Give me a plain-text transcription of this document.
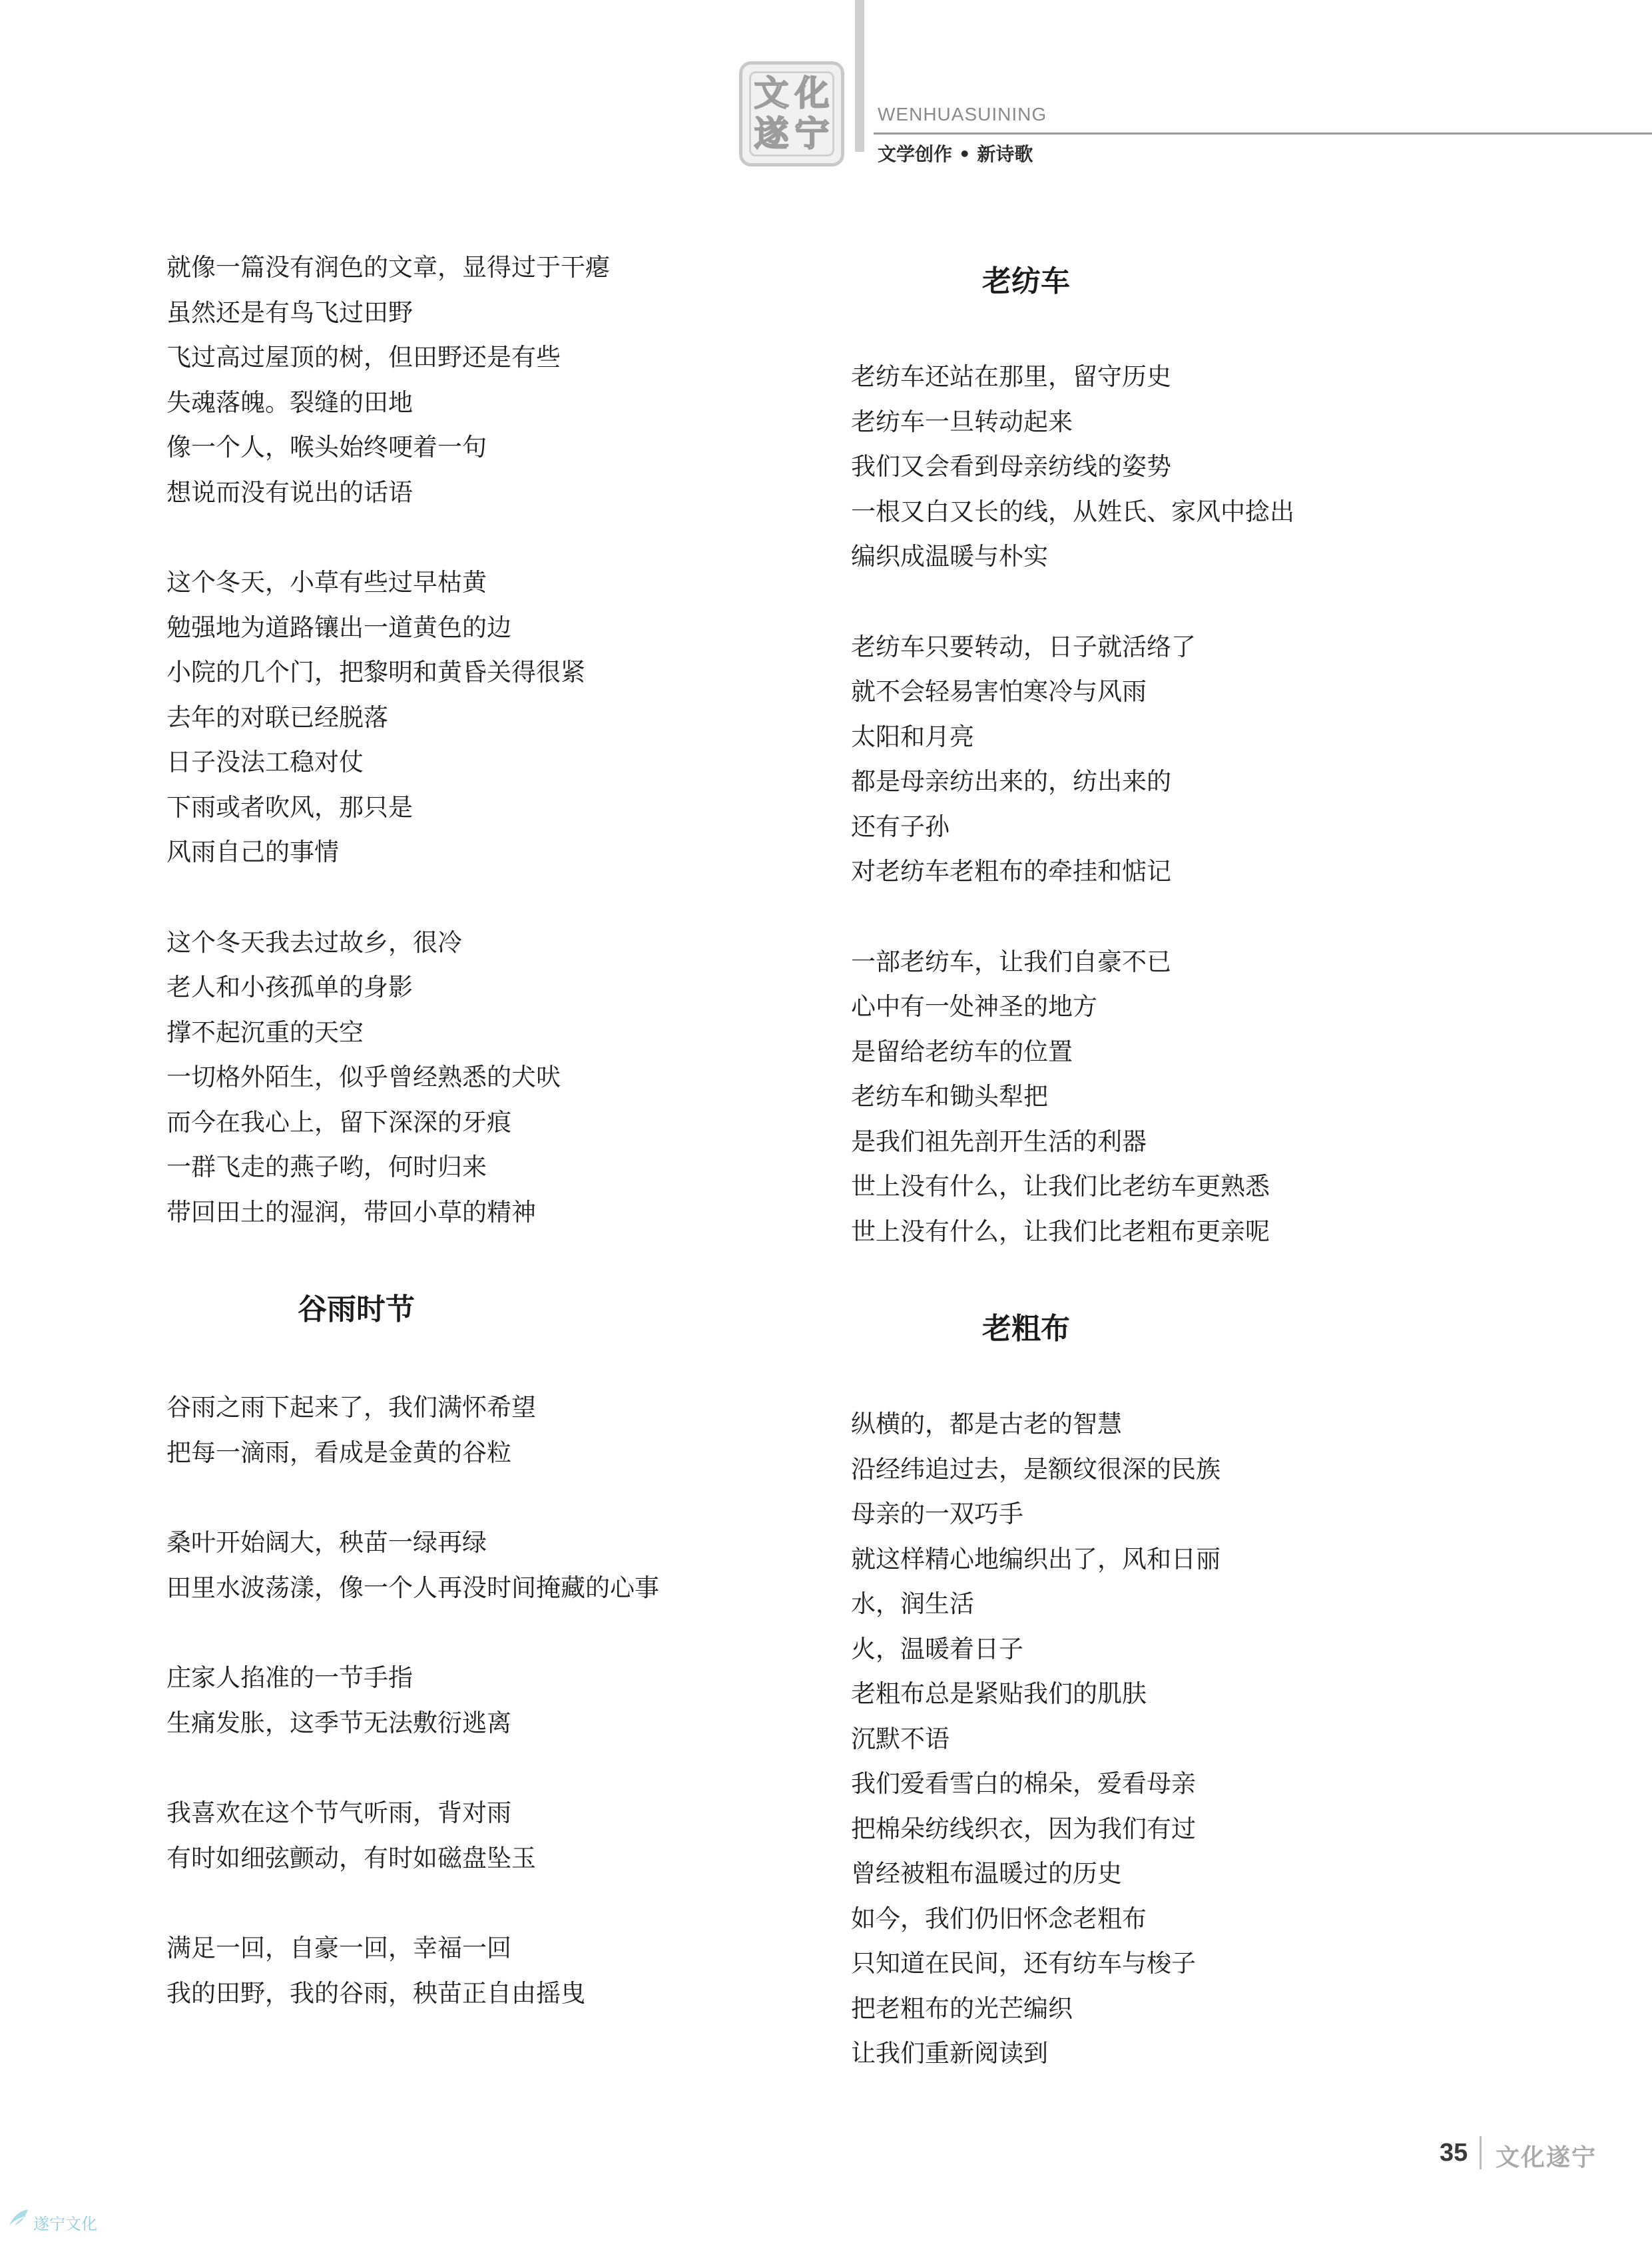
文 化
遂 宁	WENHUASUINING
文学创作 • 新诗歌
就像一篇没有润色的文章，显得过于干瘪
虽然还是有鸟飞过田野
飞过高过屋顶的树，但田野还是有些
失魂落魄。裂缝的田地
像一个人，喉头始终哽着一句
想说而没有说出的话语
这个冬天，小草有些过早枯黄
勉强地为道路镶出一道黄色的边
小院的几个门，把黎明和黄昏关得很紧
去年的对联已经脱落
日子没法工稳对仗
下雨或者吹风，那只是
风雨自己的事情
这个冬天我去过故乡，很冷
老人和小孩孤单的身影
撑不起沉重的天空
一切格外陌生，似乎曾经熟悉的犬吠
而今在我心上，留下深深的牙痕
一群飞走的燕子哟，何时归来
带回田土的湿润，带回小草的精神
谷雨时节
谷雨之雨下起来了，我们满怀希望
把每一滴雨，看成是金黄的谷粒
桑叶开始阔大，秧苗一绿再绿
田里水波荡漾，像一个人再没时间掩藏的心事
庄家人掐准的一节手指
生痛发胀，这季节无法敷衍逃离
我喜欢在这个节气听雨，背对雨
有时如细弦颤动，有时如磁盘坠玉
满足一回，自豪一回，幸福一回
我的田野，我的谷雨，秧苗正自由摇曳
老纺车
老纺车还站在那里，留守历史
老纺车一旦转动起来
我们又会看到母亲纺线的姿势
一根又白又长的线，从姓氏、家风中捻出
编织成温暖与朴实
老纺车只要转动，日子就活络了
就不会轻易害怕寒冷与风雨
太阳和月亮
都是母亲纺出来的，纺出来的
还有子孙
对老纺车老粗布的牵挂和惦记
一部老纺车，让我们自豪不已
心中有一处神圣的地方
是留给老纺车的位置
老纺车和锄头犁把
是我们祖先剖开生活的利器
世上没有什么，让我们比老纺车更熟悉
世上没有什么，让我们比老粗布更亲呢
老粗布
纵横的，都是古老的智慧
沿经纬追过去，是额纹很深的民族
母亲的一双巧手
就这样精心地编织出了，风和日丽
水，润生活
火，温暖着日子
老粗布总是紧贴我们的肌肤
沉默不语
我们爱看雪白的棉朵，爱看母亲
把棉朵纺线织衣，因为我们有过
曾经被粗布温暖过的历史
如今，我们仍旧怀念老粗布
只知道在民间，还有纺车与梭子
把老粗布的光芒编织
让我们重新阅读到
35 文化遂宁
遂宁文化
